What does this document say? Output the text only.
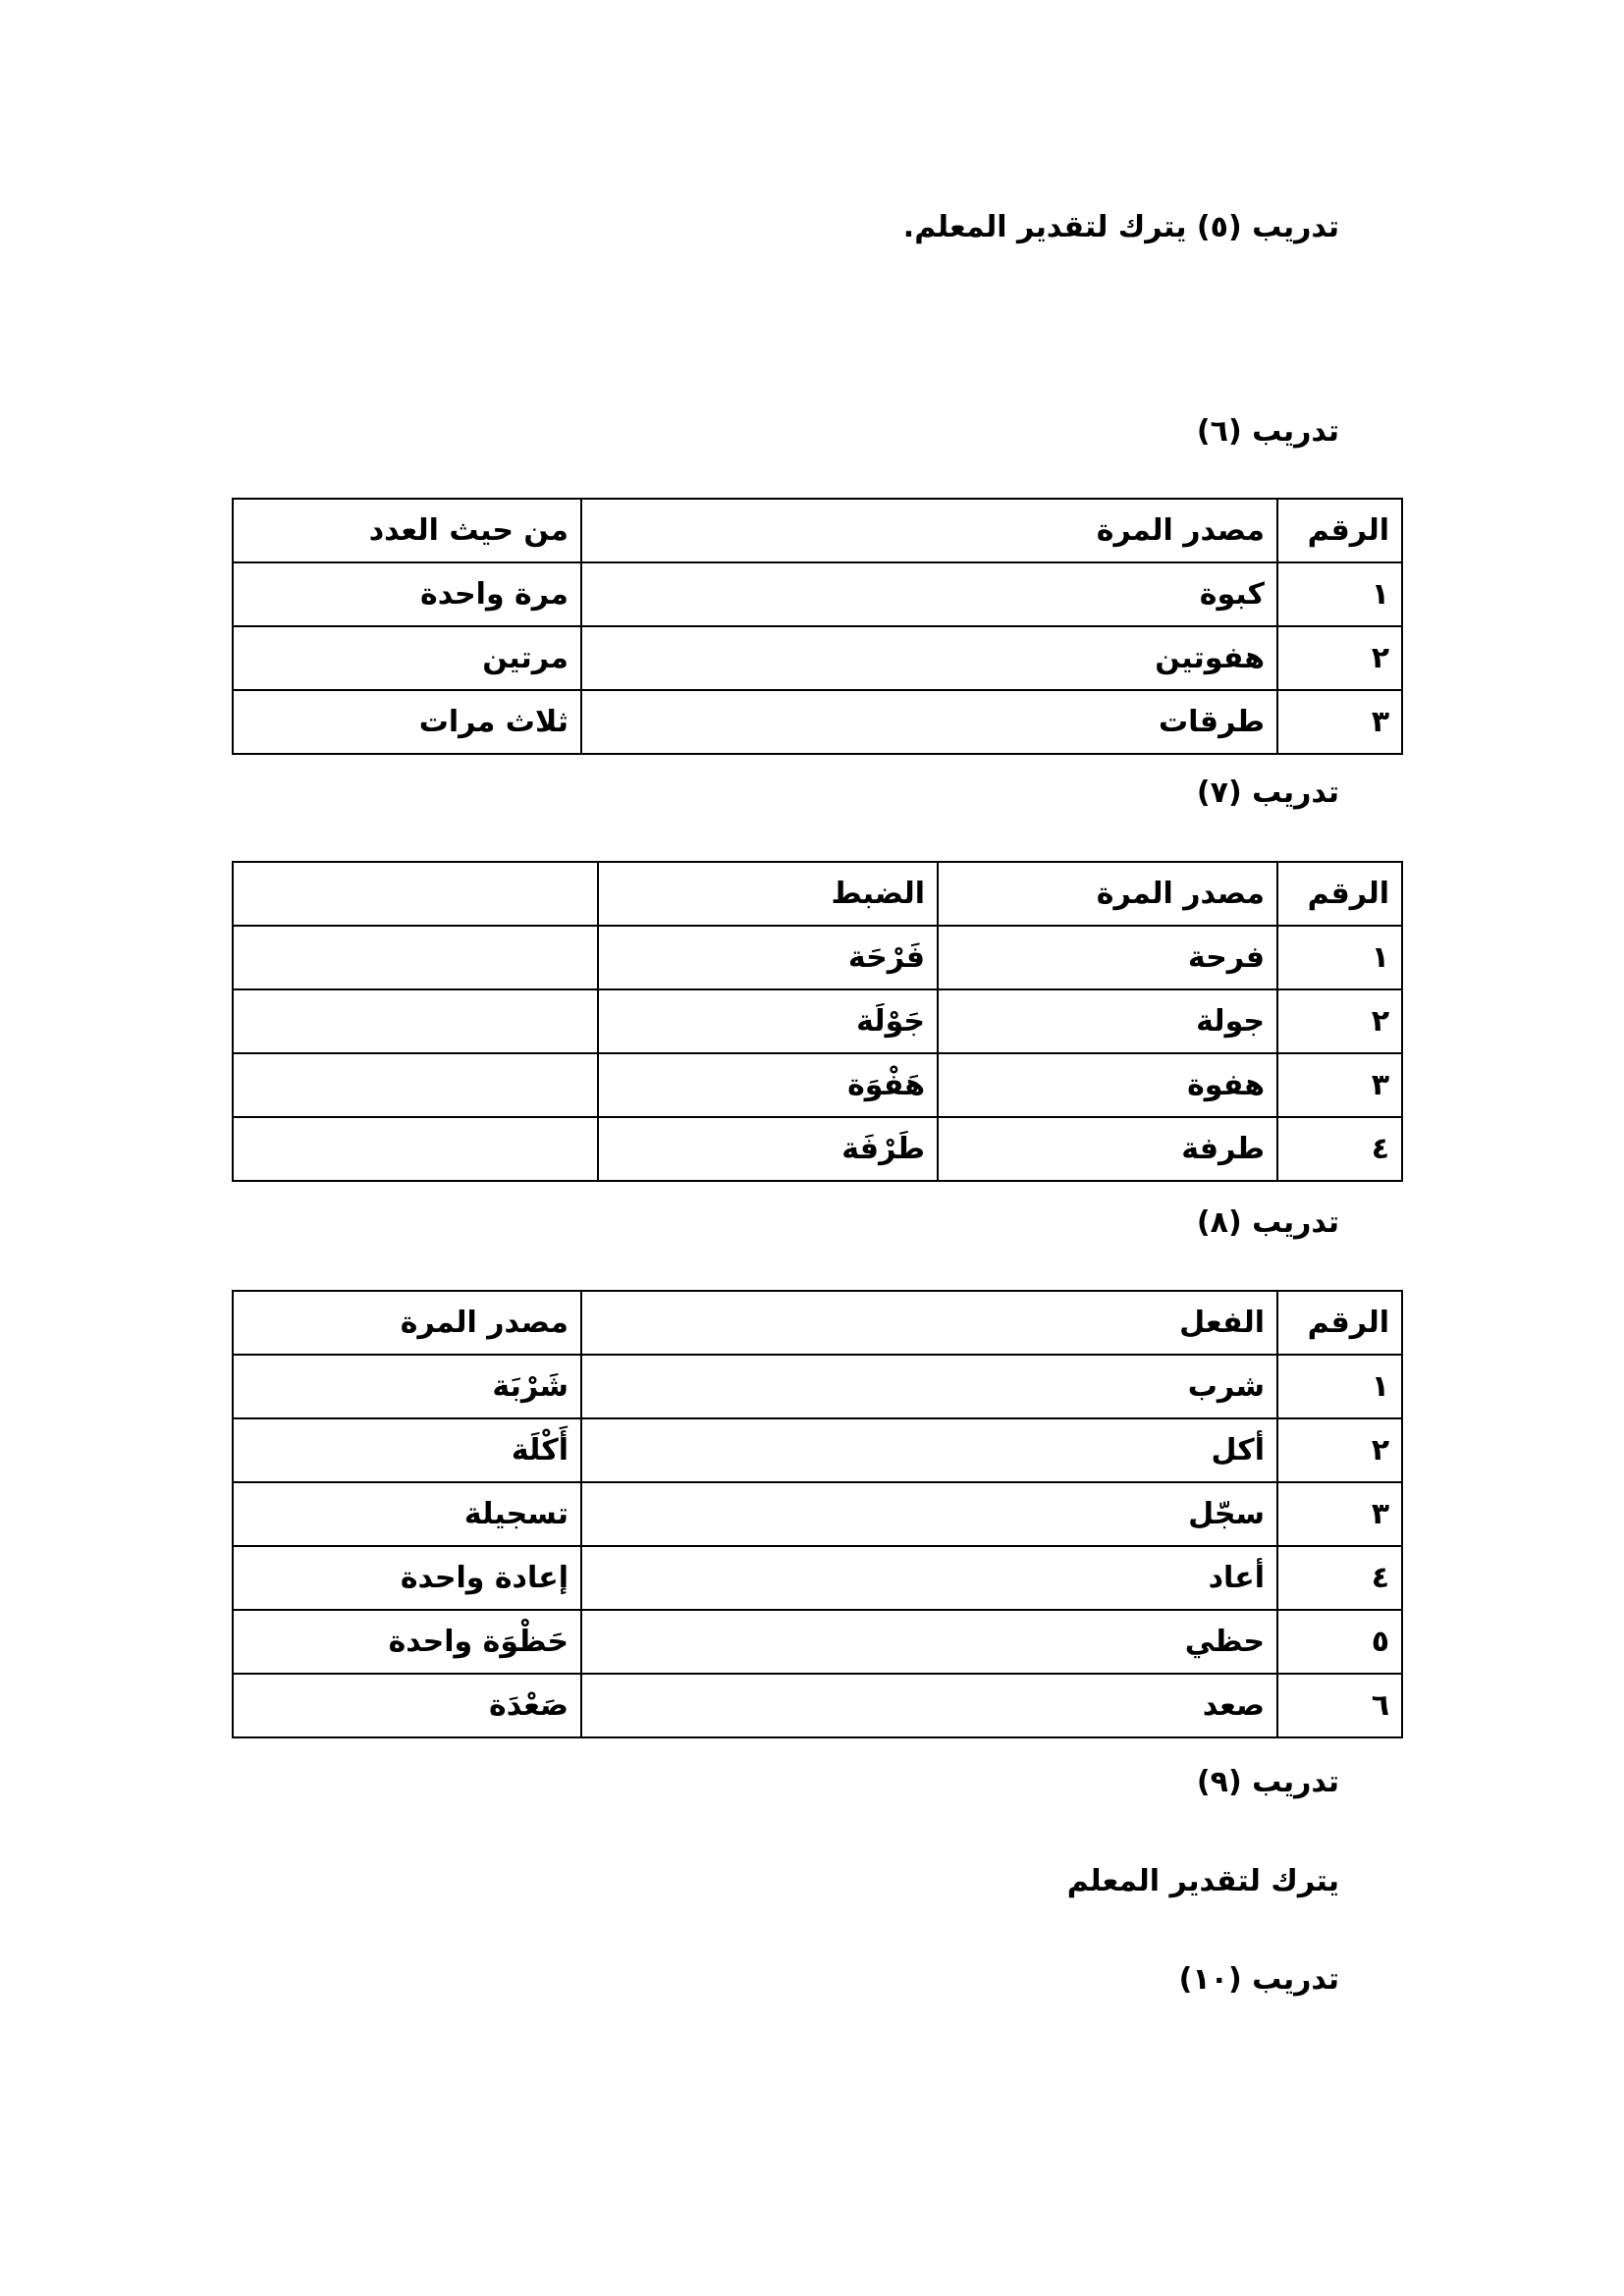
تدريب (٥) يترك لتقدير المعلم.
تدريب (٦)
الرقم	مصدر المرة	من حيث العدد
١	كبوة	مرة واحدة
٢	هفوتين	مرتين
٣	طرقات	ثلاث مرات
تدريب (٧)
الرقم	مصدر المرة	الضبط	
١	فرحة	فَرْحَة	
٢	جولة	جَوْلَة	
٣	هفوة	هَفْوَة	
٤	طرفة	طَرْفَة	
تدريب (٨)
الرقم	الفعل	مصدر المرة
١	شرب	شَرْبَة
٢	أكل	أَكْلَة
٣	سجّل	تسجيلة
٤	أعاد	إعادة واحدة
٥	حظي	حَظْوَة واحدة
٦	صعد	صَعْدَة
تدريب (٩)
يترك لتقدير المعلم
تدريب (١٠)
